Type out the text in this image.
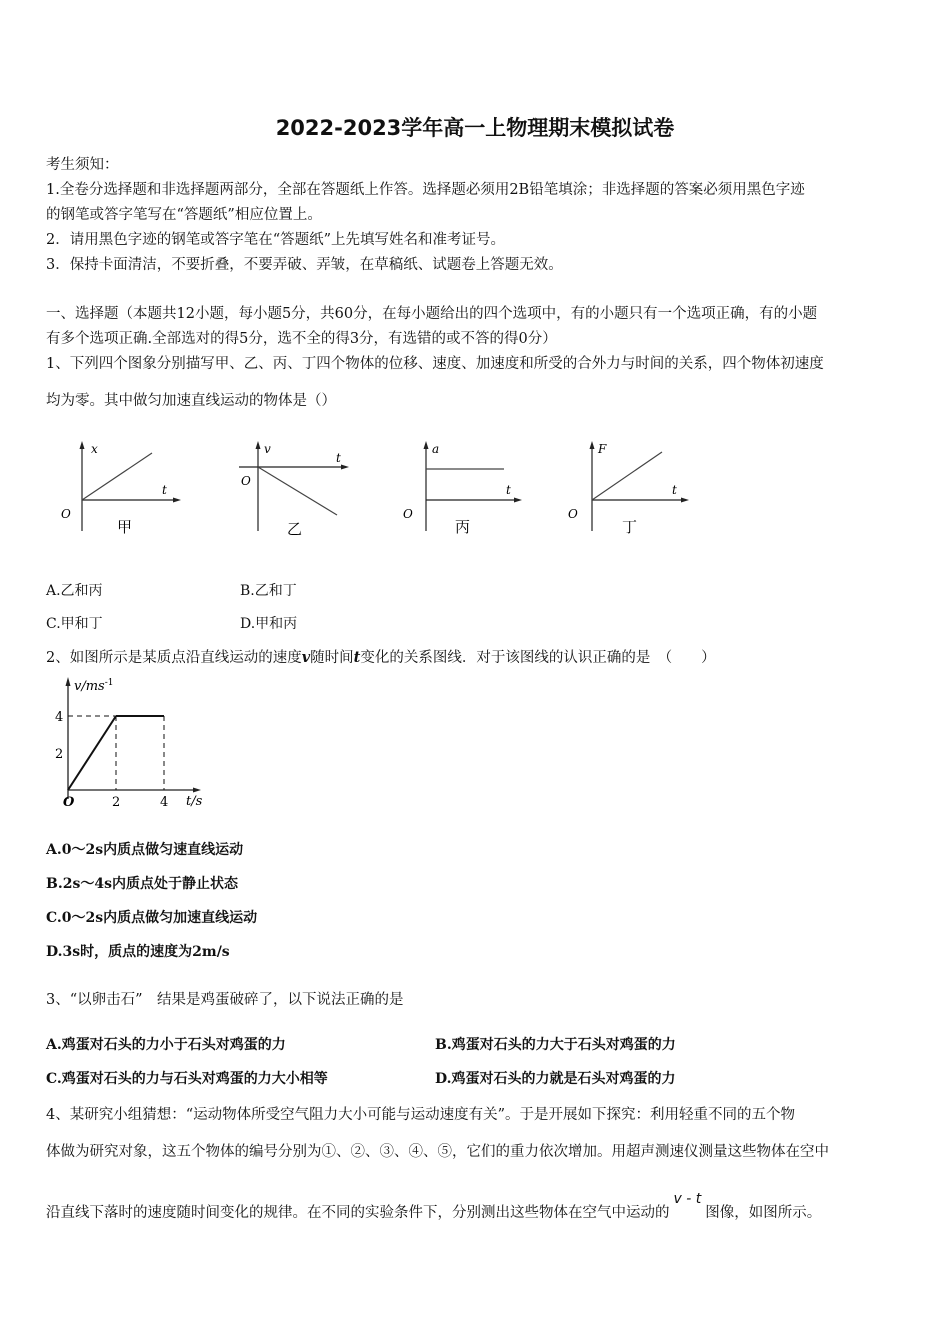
2022-2023学年高一上物理期末模拟试卷
考生须知：
1.全卷分选择题和非选择题两部分，全部在答题纸上作答。选择题必须用2B铅笔填涂；非选择题的答案必须用黑色字迹
的钢笔或答字笔写在“答题纸”相应位置上。
2．请用黑色字迹的钢笔或答字笔在“答题纸”上先填写姓名和准考证号。
3．保持卡面清洁，不要折叠，不要弄破、弄皱，在草稿纸、试题卷上答题无效。
一、选择题（本题共12小题，每小题5分，共60分，在每小题给出的四个选项中，有的小题只有一个选项正确，有的小题
有多个选项正确.全部选对的得5分，选不全的得3分，有选错的或不答的得0分）
1、下列四个图象分别描写甲、乙、丙、丁四个物体的位移、速度、加速度和所受的合外力与时间的关系，四个物体初速度
均为零。其中做匀加速直线运动的物体是（）
x
t
O
甲
v
t
O
乙
a
t
O
丙
F
t
O
丁
A.乙和丙	B.乙和丁
C.甲和丁	D.甲和丙
2、如图所示是某质点沿直线运动的速度v随时间t变化的关系图线．对于该图线的认识正确的是　（　　）
4
2
O	2	4
$v/ms^{-1}$
t/s
A.0～2s内质点做匀速直线运动
B.2s～4s内质点处于静止状态
C.0～2s内质点做匀加速直线运动
D.3s时，质点的速度为2m/s
3、“以卵击石”　结果是鸡蛋破碎了，以下说法正确的是
A.鸡蛋对石头的力小于石头对鸡蛋的力	B.鸡蛋对石头的力大于石头对鸡蛋的力
C.鸡蛋对石头的力与石头对鸡蛋的力大小相等	D.鸡蛋对石头的力就是石头对鸡蛋的力
4、某研究小组猜想：“运动物体所受空气阻力大小可能与运动速度有关”。于是开展如下探究：利用轻重不同的五个物
体做为研究对象，这五个物体的编号分别为①、②、③、④、⑤，它们的重力依次增加。用超声测速仪测量这些物体在空中
沿直线下落时的速度随时间变化的规律。在不同的实验条件下，分别测出这些物体在空气中运动的v - t图像，如图所示。
